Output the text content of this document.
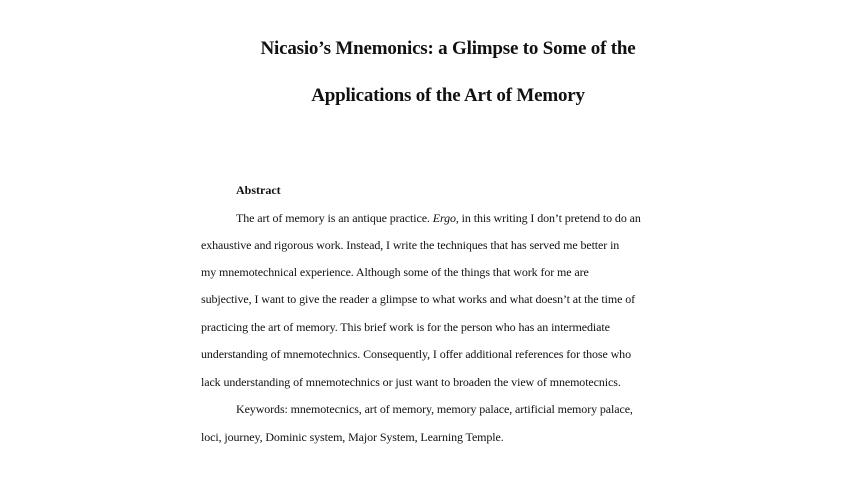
Nicasio’s Mnemonics: a Glimpse to Some of the
Applications of the Art of Memory
Abstract
The art of memory is an antique practice. Ergo, in this writing I don’t pretend to do an
exhaustive and rigorous work. Instead, I write the techniques that has served me better in
my mnemotechnical experience. Although some of the things that work for me are
subjective, I want to give the reader a glimpse to what works and what doesn’t at the time of
practicing the art of memory. This brief work is for the person who has an intermediate
understanding of mnemotechnics. Consequently, I offer additional references for those who
lack understanding of mnemotechnics or just want to broaden the view of mnemotecnics.
Keywords: mnemotecnics, art of memory, memory palace, artificial memory palace,
loci, journey, Dominic system, Major System, Learning Temple.
